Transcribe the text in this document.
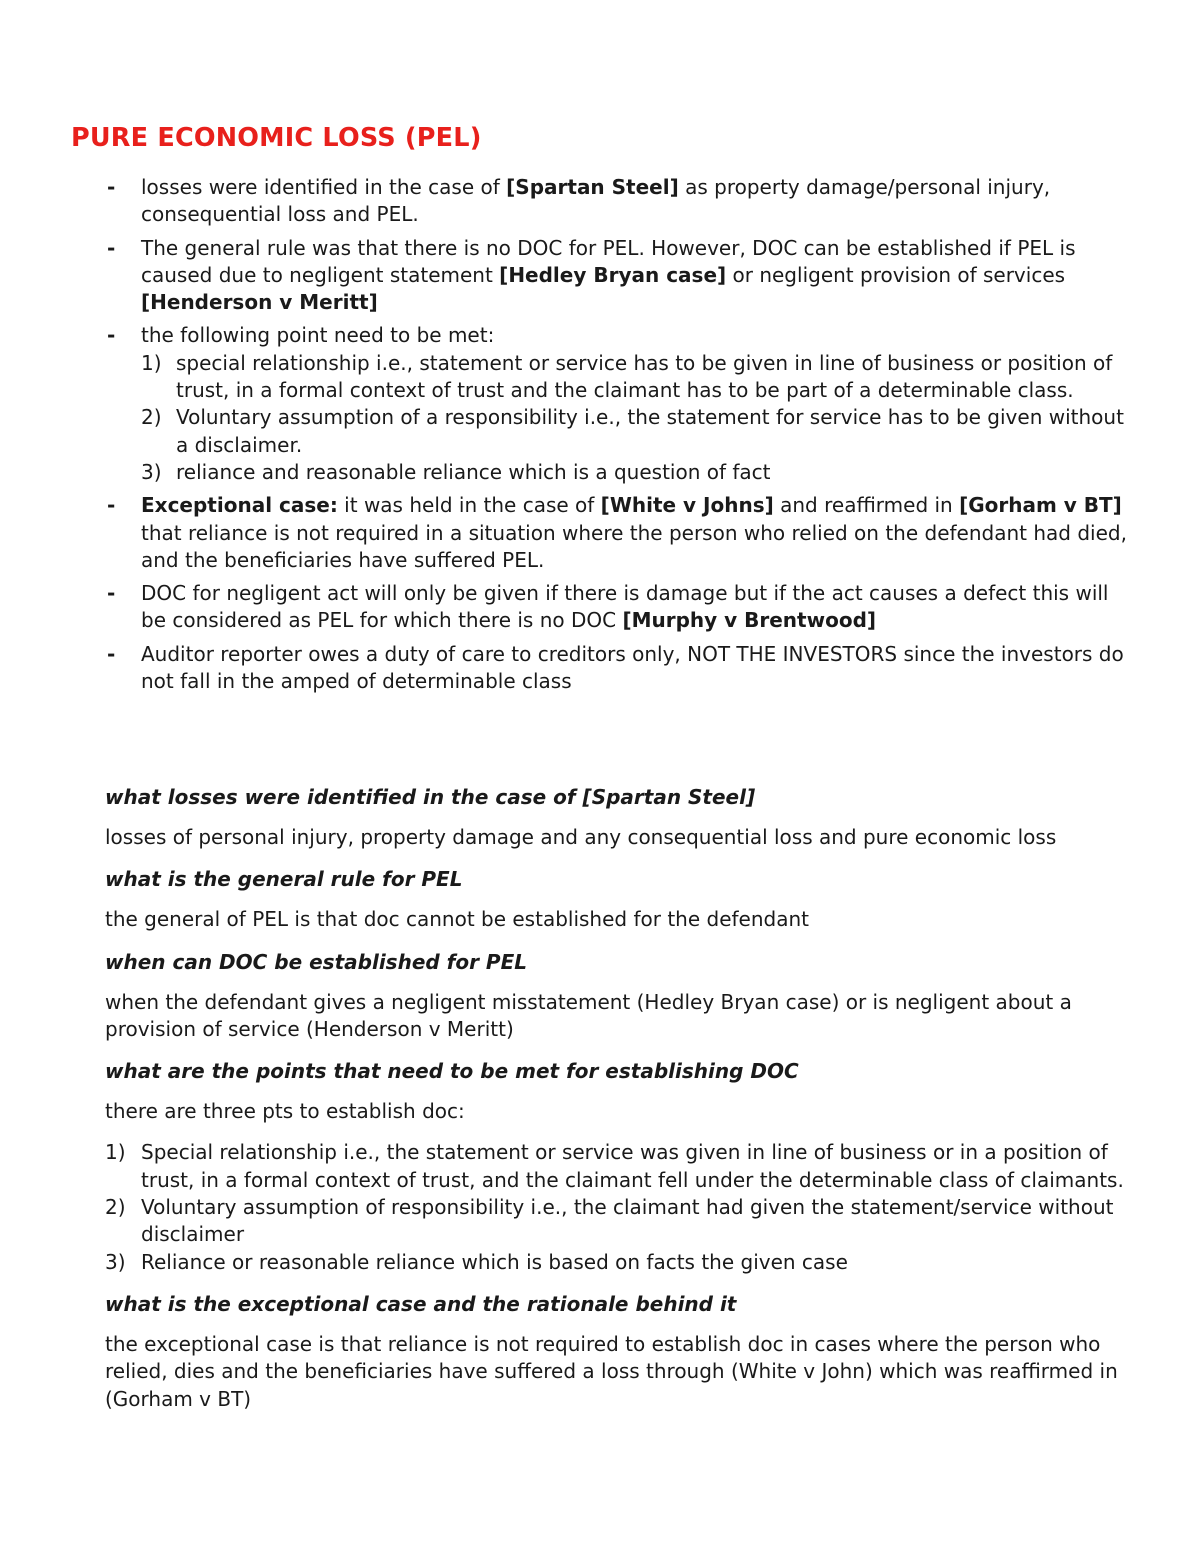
PURE ECONOMIC LOSS (PEL)
- losses were identified in the case of [Spartan Steel] as property damage/personal injury, consequential loss and PEL.
- The general rule was that there is no DOC for PEL. However, DOC can be established if PEL is caused due to negligent statement [Hedley Bryan case] or negligent provision of services [Henderson v Meritt]
- the following point need to be met:
1) special relationship i.e., statement or service has to be given in line of business or position of trust, in a formal context of trust and the claimant has to be part of a determinable class.
2) Voluntary assumption of a responsibility i.e., the statement for service has to be given without a disclaimer.
3) reliance and reasonable reliance which is a question of fact
- Exceptional case: it was held in the case of [White v Johns] and reaffirmed in [Gorham v BT] that reliance is not required in a situation where the person who relied on the defendant had died, and the beneficiaries have suffered PEL.
- DOC for negligent act will only be given if there is damage but if the act causes a defect this will be considered as PEL for which there is no DOC [Murphy v Brentwood]
- Auditor reporter owes a duty of care to creditors only, NOT THE INVESTORS since the investors do not fall in the amped of determinable class

what losses were identified in the case of [Spartan Steel]

losses of personal injury, property damage and any consequential loss and pure economic loss

what is the general rule for PEL

the general of PEL is that doc cannot be established for the defendant

when can DOC be established for PEL

when the defendant gives a negligent misstatement (Hedley Bryan case) or is negligent about a provision of service (Henderson v Meritt)

what are the points that need to be met for establishing DOC

there are three pts to establish doc:

1) Special relationship i.e., the statement or service was given in line of business or in a position of trust, in a formal context of trust, and the claimant fell under the determinable class of claimants.
2) Voluntary assumption of responsibility i.e., the claimant had given the statement/service without disclaimer
3) Reliance or reasonable reliance which is based on facts the given case

what is the exceptional case and the rationale behind it

the exceptional case is that reliance is not required to establish doc in cases where the person who relied, dies and the beneficiaries have suffered a loss through (White v John) which was reaffirmed in (Gorham v BT)
